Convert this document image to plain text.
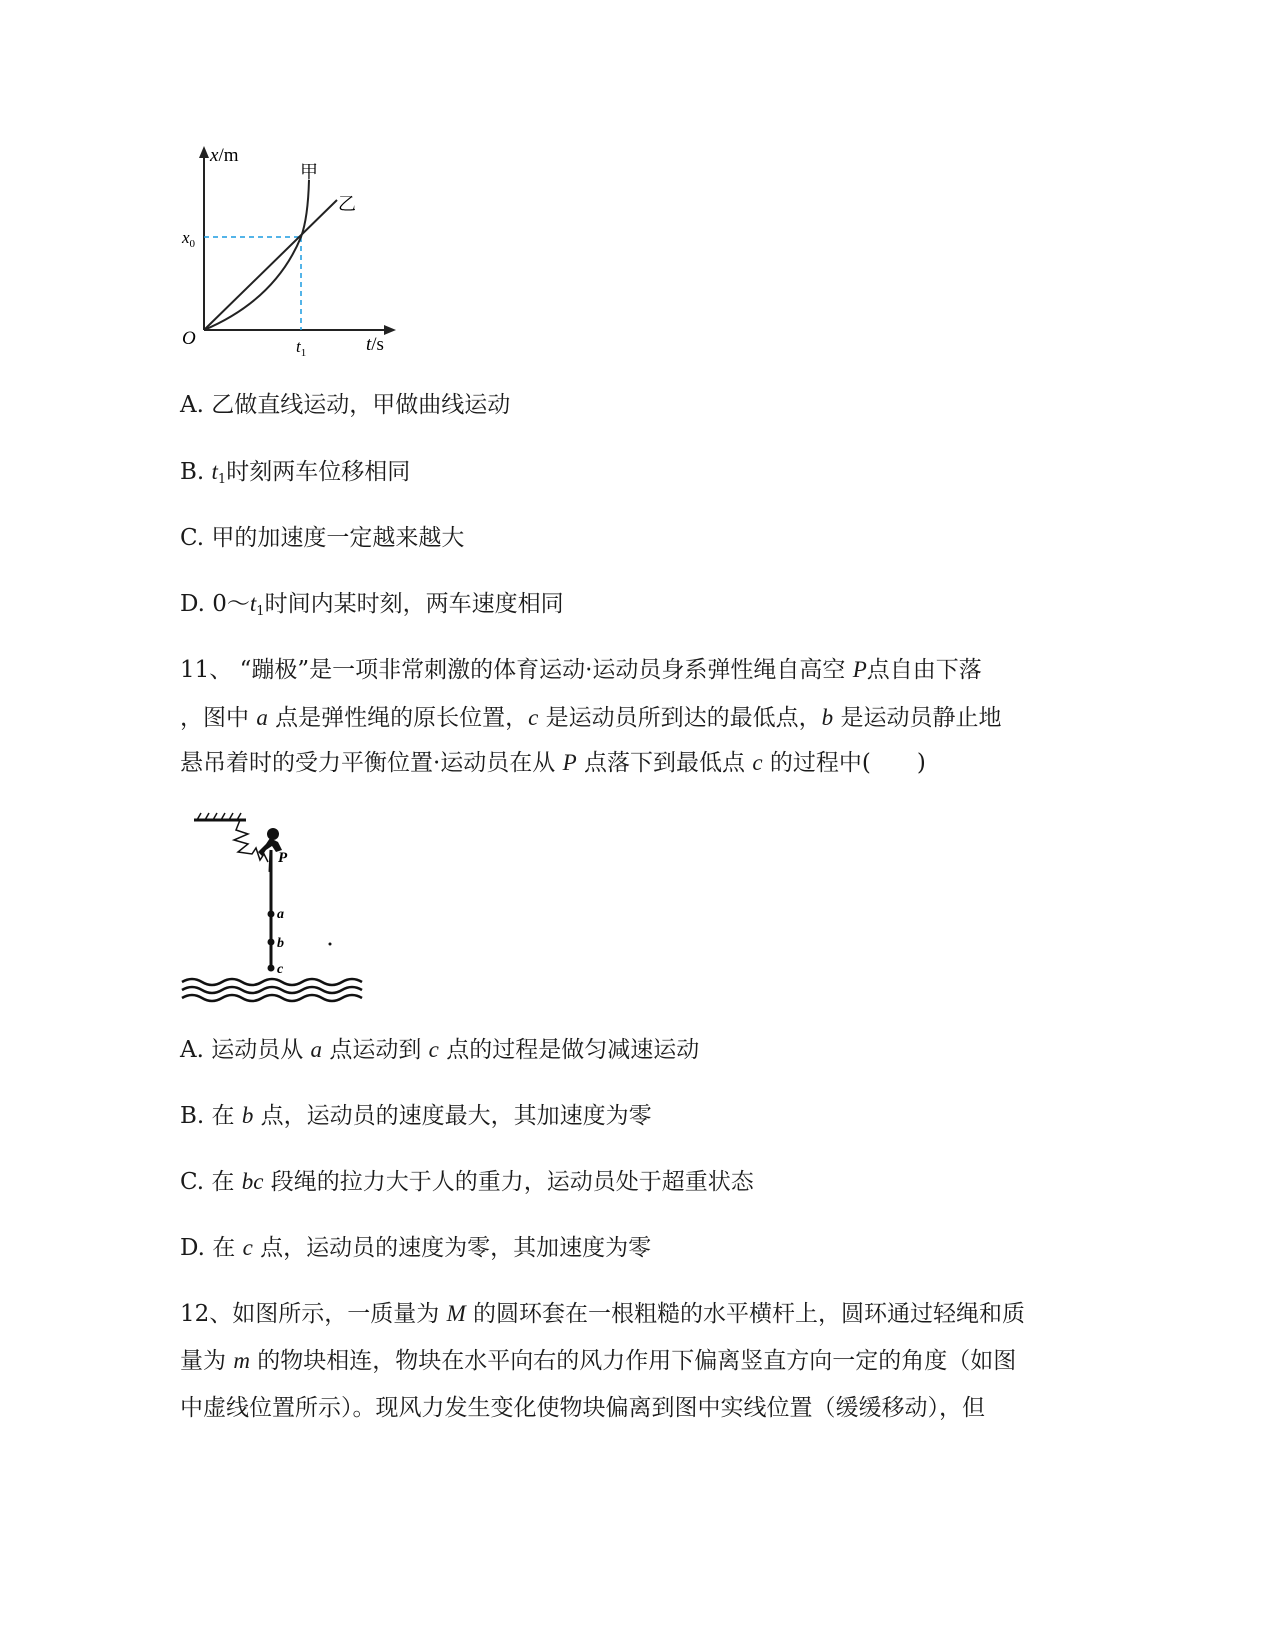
x/m
t/s
O
$x_0$
$t_1$
甲
乙
A. 乙做直线运动，甲做曲线运动
B. $t_1$时刻两车位移相同
C. 甲的加速度一定越来越大
D. $0\sim t_1$时间内某时刻，两车速度相同
11、 “蹦极”是一项非常刺激的体育运动·运动员身系弹性绳自高空 P点自由下落
，图中 a 点是弹性绳的原长位置，c 是运动员所到达的最低点，b 是运动员静止地
悬吊着时的受力平衡位置·运动员在从 P 点落下到最低点 c 的过程中(　　)
P
a
b
c
A. 运动员从 a 点运动到 c 点的过程是做匀减速运动
B. 在 b 点，运动员的速度最大，其加速度为零
C. 在 bc 段绳的拉力大于人的重力，运动员处于超重状态
D. 在 c 点，运动员的速度为零，其加速度为零
12、如图所示，一质量为 M 的圆环套在一根粗糙的水平横杆上，圆环通过轻绳和质
量为 m 的物块相连，物块在水平向右的风力作用下偏离竖直方向一定的角度（如图
中虚线位置所示）。现风力发生变化使物块偏离到图中实线位置（缓缓移动），但
